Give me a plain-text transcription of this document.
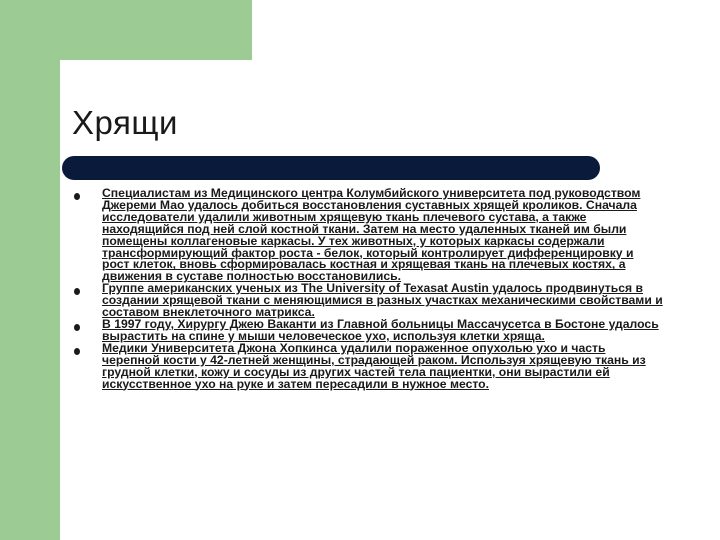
Хрящи
Специалистам из Медицинского центра Колумбийского университета под руководством Джереми Мао удалось добиться восстановления суставных хрящей кроликов. Сначала исследователи удалили животным хрящевую ткань плечевого сустава, а также находящийся под ней слой костной ткани. Затем на место удаленных тканей им были помещены коллагеновые каркасы. У тех животных, у которых каркасы содержали трансформирующий фактор роста - белок, который контролирует дифференцировку и рост клеток, вновь сформировалась костная и хрящевая ткань на плечевых костях, а движения в суставе полностью восстановились.
Группе американских ученых из The University of Texasat Austin удалось продвинуться в создании хрящевой ткани с меняющимися в разных участках механическими свойствами и составом внеклеточного матрикса.
В 1997 году, Хирургу Джею Ваканти из Главной больницы Массачусетса в Бостоне удалось вырастить на спине у мыши человеческое ухо, используя клетки хряща.
Медики Университета Джона Хопкинса удалили пораженное опухолью ухо и часть черепной кости у 42-летней женщины, страдающей раком. Используя хрящевую ткань из грудной клетки, кожу и сосуды из других частей тела пациентки, они вырастили ей искусственное ухо на руке и затем пересадили в нужное место.
